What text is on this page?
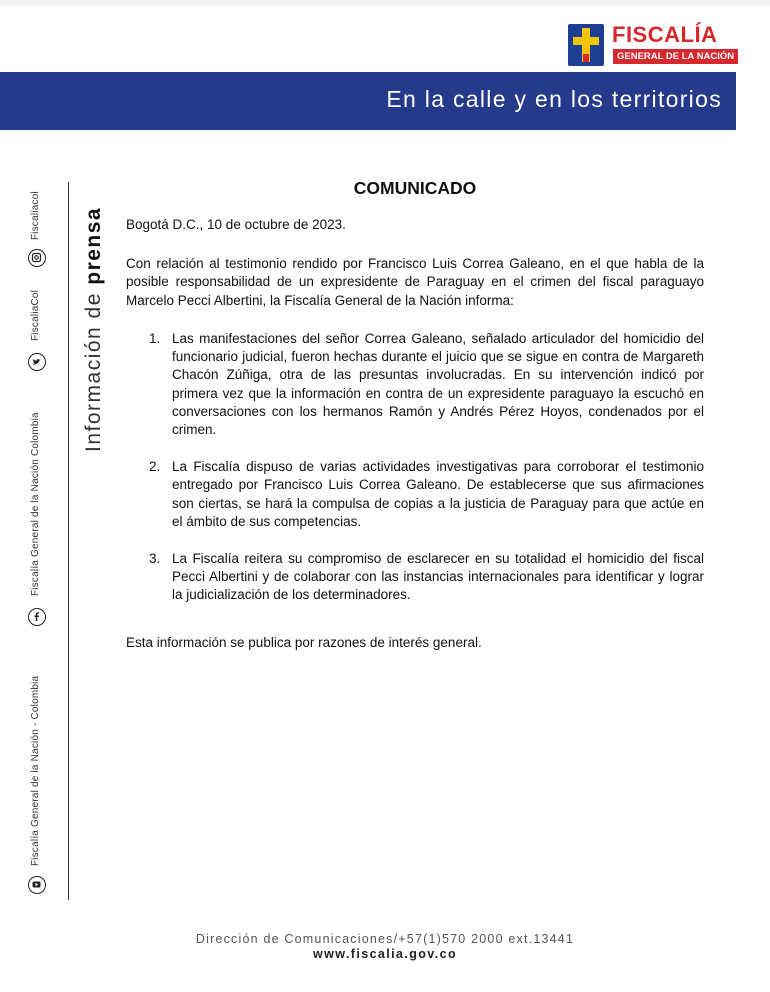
FISCALÍA
GENERAL DE LA NACIÓN
En la calle y en los territorios
Información de prensa
Fiscaliacol
FiscaliaCol
Fiscalía General de la Nación Colombia
Fiscalía General de la Nación - Colombia
COMUNICADO
Bogotá D.C., 10 de octubre de 2023.
Con relación al testimonio rendido por Francisco Luis Correa Galeano, en el que habla de la posible responsabilidad de un expresidente de Paraguay en el crimen del fiscal paraguayo Marcelo Pecci Albertini, la Fiscalía General de la Nación informa:
1. Las manifestaciones del señor Correa Galeano, señalado articulador del homicidio del funcionario judicial, fueron hechas durante el juicio que se sigue en contra de Margareth Chacón Zúñiga, otra de las presuntas involucradas. En su intervención indicó por primera vez que la información en contra de un expresidente paraguayo la escuchó en conversaciones con los hermanos Ramón y Andrés Pérez Hoyos, condenados por el crimen.
2. La Fiscalía dispuso de varias actividades investigativas para corroborar el testimonio entregado por Francisco Luis Correa Galeano. De establecerse que sus afirmaciones son ciertas, se hará la compulsa de copias a la justicia de Paraguay para que actúe en el ámbito de sus competencias.
3. La Fiscalía reitera su compromiso de esclarecer en su totalidad el homicidio del fiscal Pecci Albertini y de colaborar con las instancias internacionales para identificar y lograr la judicialización de los determinadores.
Esta información se publica por razones de interés general.
Dirección de Comunicaciones/+57(1)570 2000 ext.13441
www.fiscalia.gov.co
